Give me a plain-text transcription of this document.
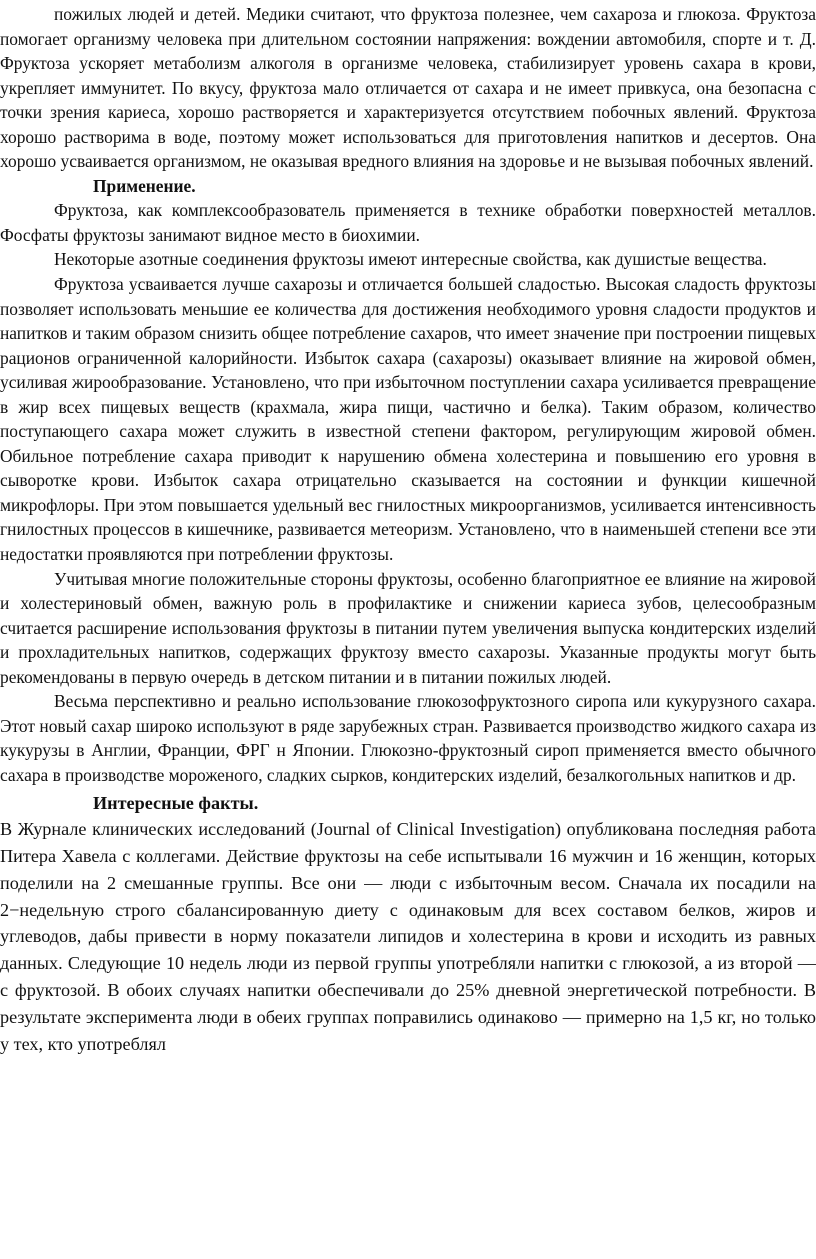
пожилых людей и детей. Медики считают, что фруктоза полезнее, чем сахароза и глюкоза. Фруктоза помогает организму человека при длительном состоянии напряжения: вождении автомобиля, спорте и т. Д. Фруктоза ускоряет метаболизм алкоголя в организме человека, стабилизирует уровень сахара в крови, укрепляет иммунитет. По вкусу, фруктоза мало отличается от сахара и не имеет привкуса, она безопасна с точки зрения кариеса, хорошо растворяется и характеризуется отсутствием побочных явлений. Фруктоза хорошо растворима в воде, поэтому может использоваться для приготовления напитков и десертов. Она хорошо усваивается организмом, не оказывая вредного влияния на здоровье и не вызывая побочных явлений.

Применение.

Фруктоза, как комплексообразователь применяется в технике обработки поверхностей металлов. Фосфаты фруктозы занимают видное место в биохимии.

Некоторые азотные соединения фруктозы имеют интересные свойства, как душистые вещества.

Фруктоза усваивается лучше сахарозы и отличается большей сладостью. Высокая сладость фруктозы позволяет использовать меньшие ее количества для достижения необходимого уровня сладости продуктов и напитков и таким образом снизить общее потребление сахаров, что имеет значение при построении пищевых рационов ограниченной калорийности. Избыток сахара (сахарозы) оказывает влияние на жировой обмен, усиливая жирообразование. Установлено, что при избыточном поступлении сахара усиливается превращение в жир всех пищевых веществ (крахмала, жира пищи, частично и белка). Таким образом, количество поступающего сахара может служить в известной степени фактором, регулирующим жировой обмен. Обильное потребление сахара приводит к нарушению обмена холестерина и повышению его уровня в сыворотке крови. Избыток сахара отрицательно сказывается на состоянии и функции кишечной микрофлоры. При этом повышается удельный вес гнилостных микроорганизмов, усиливается интенсивность гнилостных процессов в кишечнике, развивается метеоризм. Установлено, что в наименьшей степени все эти недостатки проявляются при потреблении фруктозы.

Учитывая многие положительные стороны фруктозы, особенно благоприятное ее влияние на жировой и холестериновый обмен, важную роль в профилактике и снижении кариеса зубов, целесообразным считается расширение использования фруктозы в питании путем увеличения выпуска кондитерских изделий и прохладительных напитков, содержащих фруктозу вместо сахарозы. Указанные продукты могут быть рекомендованы в первую очередь в детском питании и в питании пожилых людей.

Весьма перспективно и реально использование глюкозофруктозного сиропа или кукурузного сахара. Этот новый сахар широко используют в ряде зарубежных стран. Развивается производство жидкого сахара из кукурузы в Англии, Франции, ФРГ н Японии. Глюкозно-фруктозный сироп применяется вместо обычного сахара в производстве мороженого, сладких сырков, кондитерских изделий, безалкогольных напитков и др.

Интересные факты.

В Журнале клинических исследований (Journal of Clinical Investigation) опубликована последняя работа Питера Хавела с коллегами. Действие фруктозы на себе испытывали 16 мужчин и 16 женщин, которых поделили на 2 смешанные группы. Все они — люди с избыточным весом. Сначала их посадили на 2−недельную строго сбалансированную диету с одинаковым для всех составом белков, жиров и углеводов, дабы привести в норму показатели липидов и холестерина в крови и исходить из равных данных. Следующие 10 недель люди из первой группы употребляли напитки с глюкозой, а из второй — с фруктозой. В обоих случаях напитки обеспечивали до 25% дневной энергетической потребности. В результате эксперимента люди в обеих группах поправились одинаково — примерно на 1,5 кг, но только у тех, кто употреблял
